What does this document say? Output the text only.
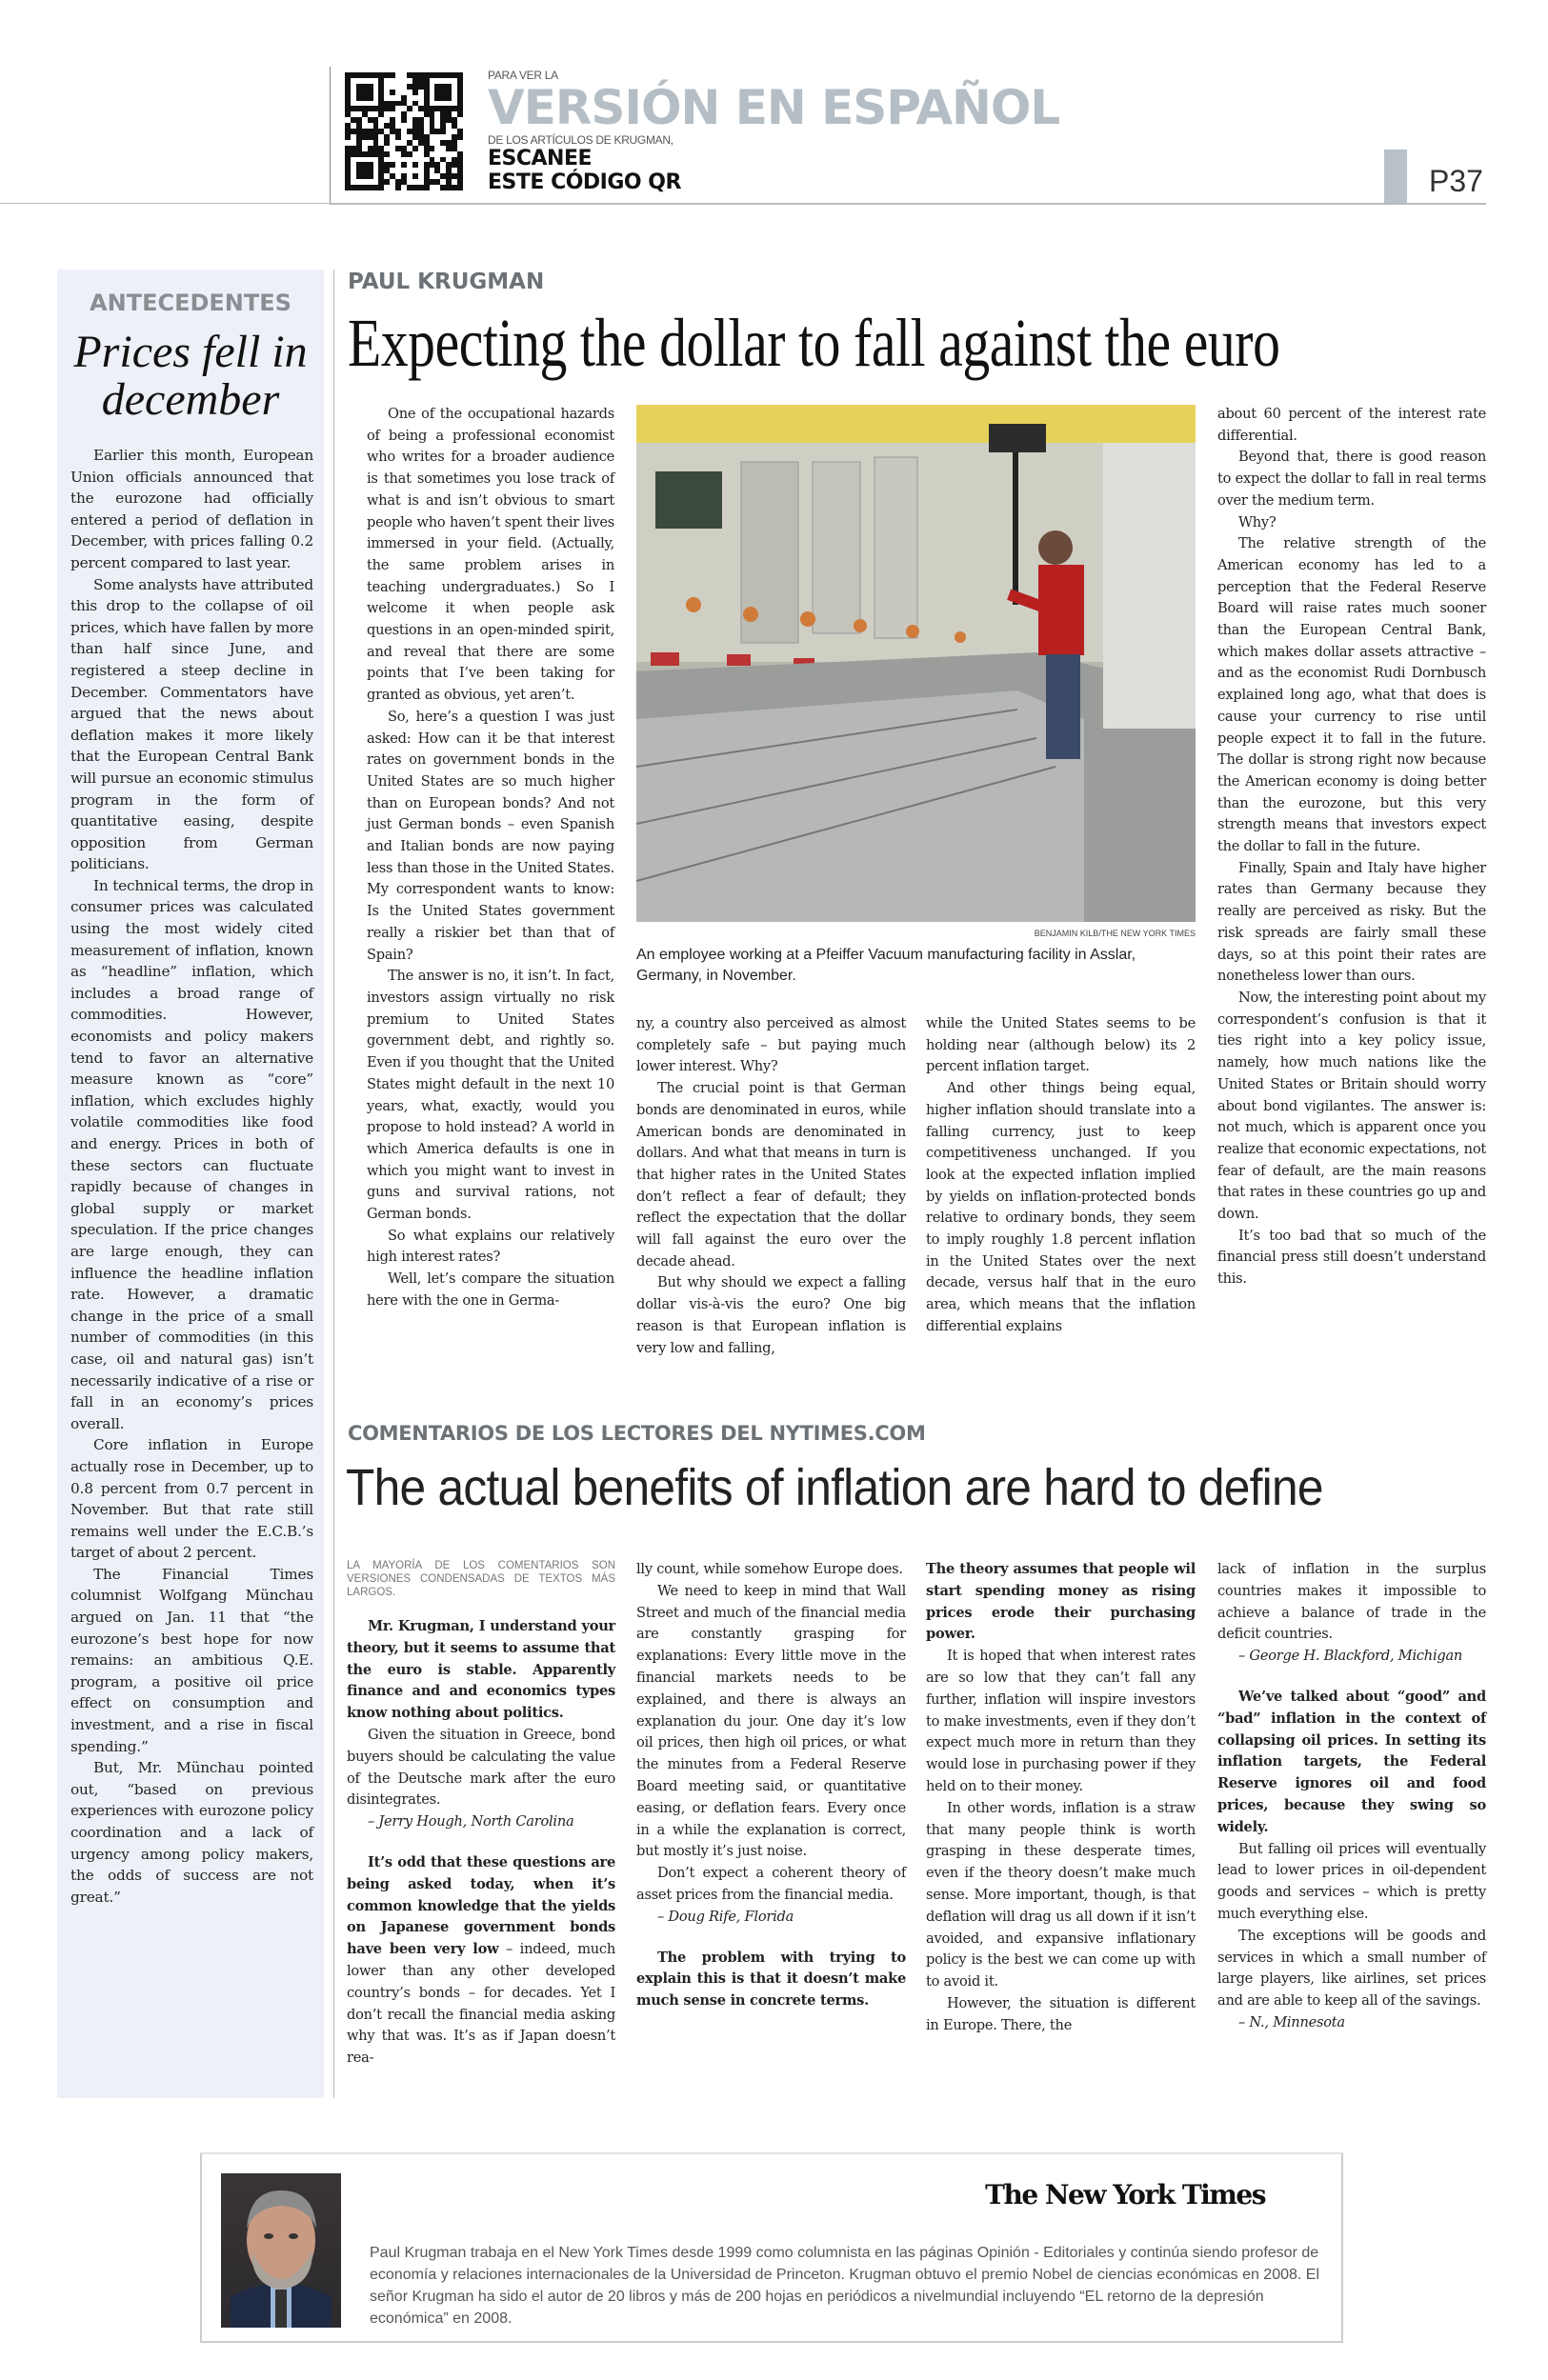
PARA VER LA
VERSIÓN EN ESPAÑOL
DE LOS ARTÍCULOS DE KRUGMAN,
ESCANEE
ESTE CÓDIGO QR	P37
ANTECEDENTES
Prices fell in december

Earlier this month, European Union officials announced that the eurozone had officially entered a period of deflation in December, with prices falling 0.2 percent compared to last year.

Some analysts have attributed this drop to the collapse of oil prices, which have fallen by more than half since June, and registered a steep decline in December. Commentators have argued that the news about deflation makes it more likely that the European Central Bank will pursue an economic stimulus program in the form of quantitative easing, despite opposition from German politicians.

In technical terms, the drop in consumer prices was calculated using the most widely cited measurement of inflation, known as “headline” inflation, which includes a broad range of commodities. However, economists and policy makers tend to favor an alternative measure known as “core” inflation, which excludes highly volatile commodities like food and energy. Prices in both of these sectors can fluctuate rapidly because of changes in global supply or market speculation. If the price changes are large enough, they can influence the headline inflation rate. However, a dramatic change in the price of a small number of commodities (in this case, oil and natural gas) isn’t necessarily indicative of a rise or fall in an economy’s prices overall.

Core inflation in Europe actually rose in December, up to 0.8 percent from 0.7 percent in November. But that rate still remains well under the E.C.B.’s target of about 2 percent.

The Financial Times columnist Wolfgang Münchau argued on Jan. 11 that “the eurozone’s best hope for now remains: an ambitious Q.E. program, a positive oil price effect on consumption and investment, and a rise in fiscal spending.”

But, Mr. Münchau pointed out, “based on previous experiences with eurozone policy coordination and a lack of urgency among policy makers, the odds of success are not great.”

PAUL KRUGMAN
Expecting the dollar to fall against the euro

One of the occupational hazards of being a professional economist who writes for a broader audience is that sometimes you lose track of what is and isn’t obvious to smart people who haven’t spent their lives immersed in your field. (Actually, the same problem arises in teaching undergraduates.) So I welcome it when people ask questions in an open-minded spirit, and reveal that there are some points that I’ve been taking for granted as obvious, yet aren’t.

So, here’s a question I was just asked: How can it be that interest rates on government bonds in the United States are so much higher than on European bonds? And not just German bonds – even Spanish and Italian bonds are now paying less than those in the United States. My correspondent wants to know: Is the United States government really a riskier bet than that of Spain?

The answer is no, it isn’t. In fact, investors assign virtually no risk premium to United States government debt, and rightly so. Even if you thought that the United States might default in the next 10 years, what, exactly, would you propose to hold instead? A world in which America defaults is one in which you might want to invest in guns and survival rations, not German bonds.

So what explains our relatively high interest rates?

Well, let’s compare the situation here with the one in Germa-

BENJAMIN KILB/THE NEW YORK TIMES
An employee working at a Pfeiffer Vacuum manufacturing facility in Asslar, Germany, in November.

ny, a country also perceived as almost completely safe – but paying much lower interest. Why?

The crucial point is that German bonds are denominated in euros, while American bonds are denominated in dollars. And what that means in turn is that higher rates in the United States don’t reflect a fear of default; they reflect the expectation that the dollar will fall against the euro over the decade ahead.

But why should we expect a falling dollar vis-à-vis the euro? One big reason is that European inflation is very low and falling,

while the United States seems to be holding near (although below) its 2 percent inflation target.

And other things being equal, higher inflation should translate into a falling currency, just to keep competitiveness unchanged. If you look at the expected inflation implied by yields on inflation-protected bonds relative to ordinary bonds, they seem to imply roughly 1.8 percent inflation in the United States over the next decade, versus half that in the euro area, which means that the inflation differential explains

about 60 percent of the interest rate differential.

Beyond that, there is good reason to expect the dollar to fall in real terms over the medium term.

Why?

The relative strength of the American economy has led to a perception that the Federal Reserve Board will raise rates much sooner than the European Central Bank, which makes dollar assets attractive – and as the economist Rudi Dornbusch explained long ago, what that does is cause your currency to rise until people expect it to fall in the future. The dollar is strong right now because the American economy is doing better than the eurozone, but this very strength means that investors expect the dollar to fall in the future.

Finally, Spain and Italy have higher rates than Germany because they really are perceived as risky. But the risk spreads are fairly small these days, so at this point their rates are nonetheless lower than ours.

Now, the interesting point about my correspondent’s confusion is that it ties right into a key policy issue, namely, how much nations like the United States or Britain should worry about bond vigilantes. The answer is: not much, which is apparent once you realize that economic expectations, not fear of default, are the main reasons that rates in these countries go up and down.

It’s too bad that so much of the financial press still doesn’t understand this.

COMENTARIOS DE LOS LECTORES DEL NYTIMES.COM
The actual benefits of inflation are hard to define
LA MAYORÍA DE LOS COMENTARIOS SON VERSIONES CONDENSADAS DE TEXTOS MÁS LARGOS.

Mr. Krugman, I understand your theory, but it seems to assume that the euro is stable. Apparently finance and and economics types know nothing about politics.

Given the situation in Greece, bond buyers should be calculating the value of the Deutsche mark after the euro disintegrates.

– Jerry Hough, North Carolina

It’s odd that these questions are being asked today, when it’s common knowledge that the yields on Japanese government bonds have been very low – indeed, much lower than any other developed country’s bonds – for decades. Yet I don’t recall the financial media asking why that was. It’s as if Japan doesn’t rea-

lly count, while somehow Europe does.

We need to keep in mind that Wall Street and much of the financial media are constantly grasping for explanations: Every little move in the financial markets needs to be explained, and there is always an explanation du jour. One day it’s low oil prices, then high oil prices, or what the minutes from a Federal Reserve Board meeting said, or quantitative easing, or deflation fears. Every once in a while the explanation is correct, but mostly it’s just noise.

Don’t expect a coherent theory of asset prices from the financial media.

– Doug Rife, Florida

The problem with trying to explain this is that it doesn’t make much sense in concrete terms.

The theory assumes that people wil start spending money as rising prices erode their purchasing power.

It is hoped that when interest rates are so low that they can’t fall any further, inflation will inspire investors to make investments, even if they don’t expect much more in return than they would lose in purchasing power if they held on to their money.

In other words, inflation is a straw that many people think is worth grasping in these desperate times, even if the theory doesn’t make much sense. More important, though, is that deflation will drag us all down if it isn’t avoided, and expansive inflationary policy is the best we can come up with to avoid it.

However, the situation is different in Europe. There, the

lack of inflation in the surplus countries makes it impossible to achieve a balance of trade in the deficit countries.

– George H. Blackford, Michigan

We’ve talked about “good” and “bad” inflation in the context of collapsing oil prices. In setting its inflation targets, the Federal Reserve ignores oil and food prices, because they swing so widely.

But falling oil prices will eventually lead to lower prices in oil-dependent goods and services – which is pretty much everything else.

The exceptions will be goods and services in which a small number of large players, like airlines, set prices and are able to keep all of the savings.

– N., Minnesota

The New York Times
Paul Krugman trabaja en el New York Times desde 1999 como columnista en las páginas Opinión - Editoriales y continúa siendo profesor de economía y relaciones internacionales de la Universidad de Princeton. Krugman obtuvo el premio Nobel de ciencias económicas en 2008. El señor Krugman ha sido el autor de 20 libros y más de 200 hojas en periódicos a nivelmundial incluyendo “EL retorno de la depresión económica” en 2008.
